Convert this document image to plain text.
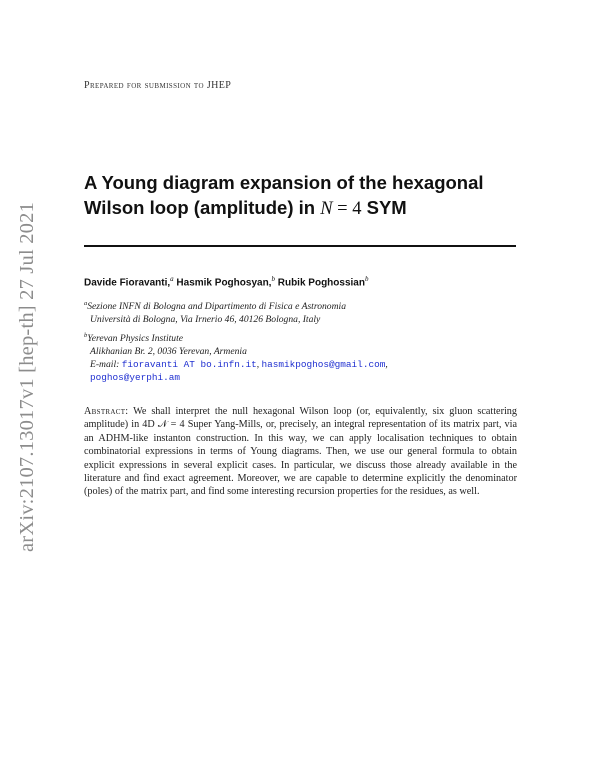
arXiv:2107.13017v1 [hep-th] 27 Jul 2021
Prepared for submission to JHEP
A Young diagram expansion of the hexagonal
Wilson loop (amplitude) in N = 4 SYM
Davide Fioravanti,$^a$ Hasmik Poghosyan,$^b$ Rubik Poghossian$^b$
$^a$Sezione INFN di Bologna and Dipartimento di Fisica e Astronomia
Università di Bologna, Via Irnerio 46, 40126 Bologna, Italy
$^b$Yerevan Physics Institute
Alikhanian Br. 2, 0036 Yerevan, Armenia
E-mail: fioravanti AT bo.infn.it, hasmikpoghos@gmail.com,
poghos@yerphi.am
Abstract: We shall interpret the null hexagonal Wilson loop (or, equivalently, six gluon scattering amplitude) in 4D 𝒩 = 4 Super Yang-Mills, or, precisely, an integral representation of its matrix part, via an ADHM-like instanton construction. In this way, we can apply localisation techniques to obtain combinatorial expressions in terms of Young diagrams. Then, we use our general formula to obtain explicit expressions in several explicit cases. In particular, we discuss those already available in the literature and find exact agreement. Moreover, we are capable to determine explicitly the denominator (poles) of the matrix part, and find some interesting recursion properties for the residues, as well.
